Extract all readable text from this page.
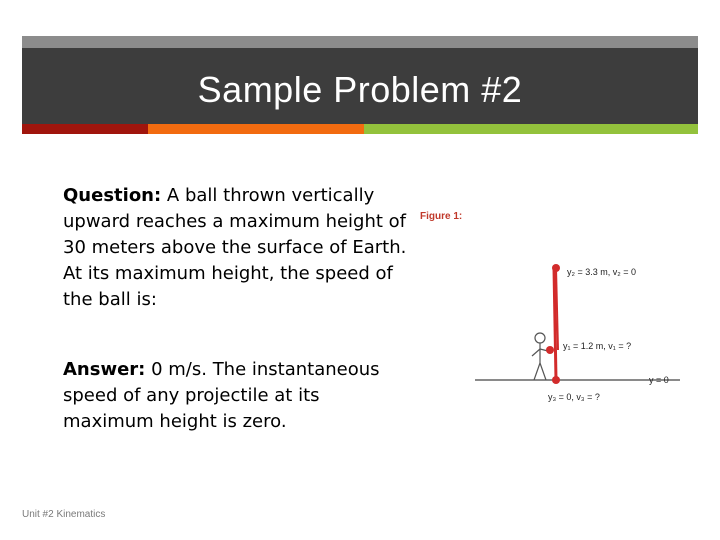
Sample Problem #2
Question: A ball thrown vertically upward reaches a maximum height of 30 meters above the surface of Earth. At its maximum height, the speed of the ball is:
Answer: 0 m/s. The instantaneous speed of any projectile at its maximum height is zero.
Figure 1:
y₂ = 3.3 m, v₂ = 0
y₁ = 1.2 m, v₁ = ?
y = 0
y₃ = 0, v₃ = ?
Unit #2 Kinematics
